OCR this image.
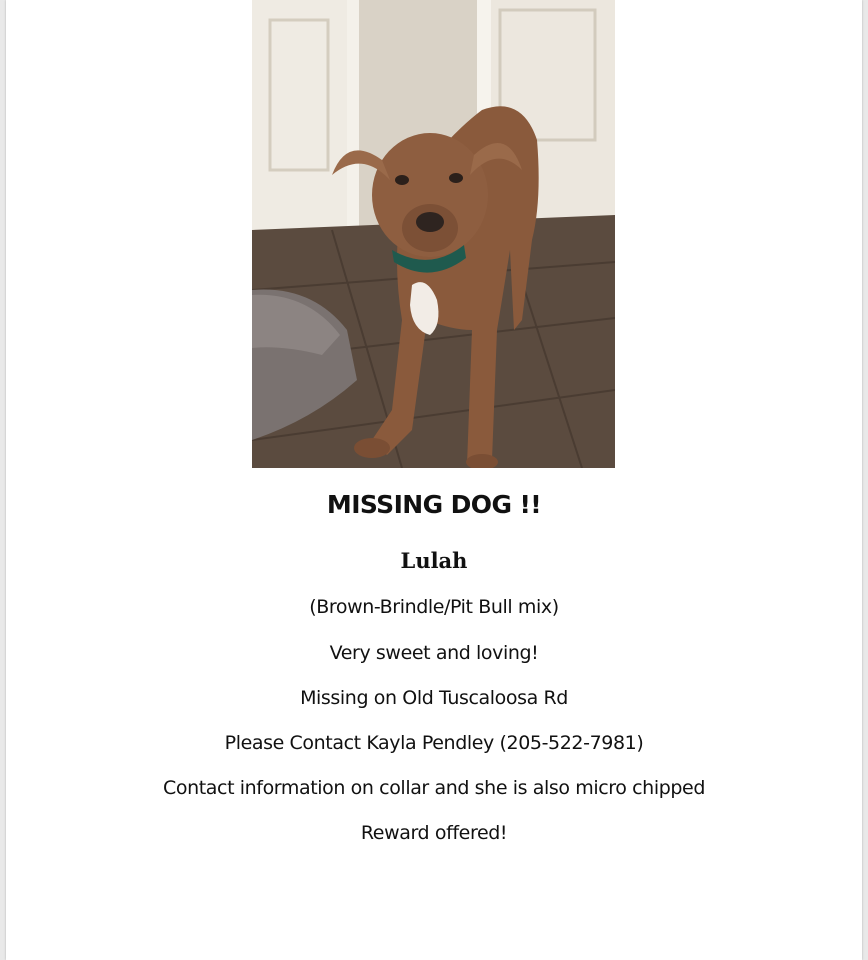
MISSING DOG !!
Lulah
(Brown-Brindle/Pit Bull mix)
Very sweet and loving!
Missing on Old Tuscaloosa Rd
Please Contact Kayla Pendley (205-522-7981)
Contact information on collar and she is also micro chipped
Reward offered!
